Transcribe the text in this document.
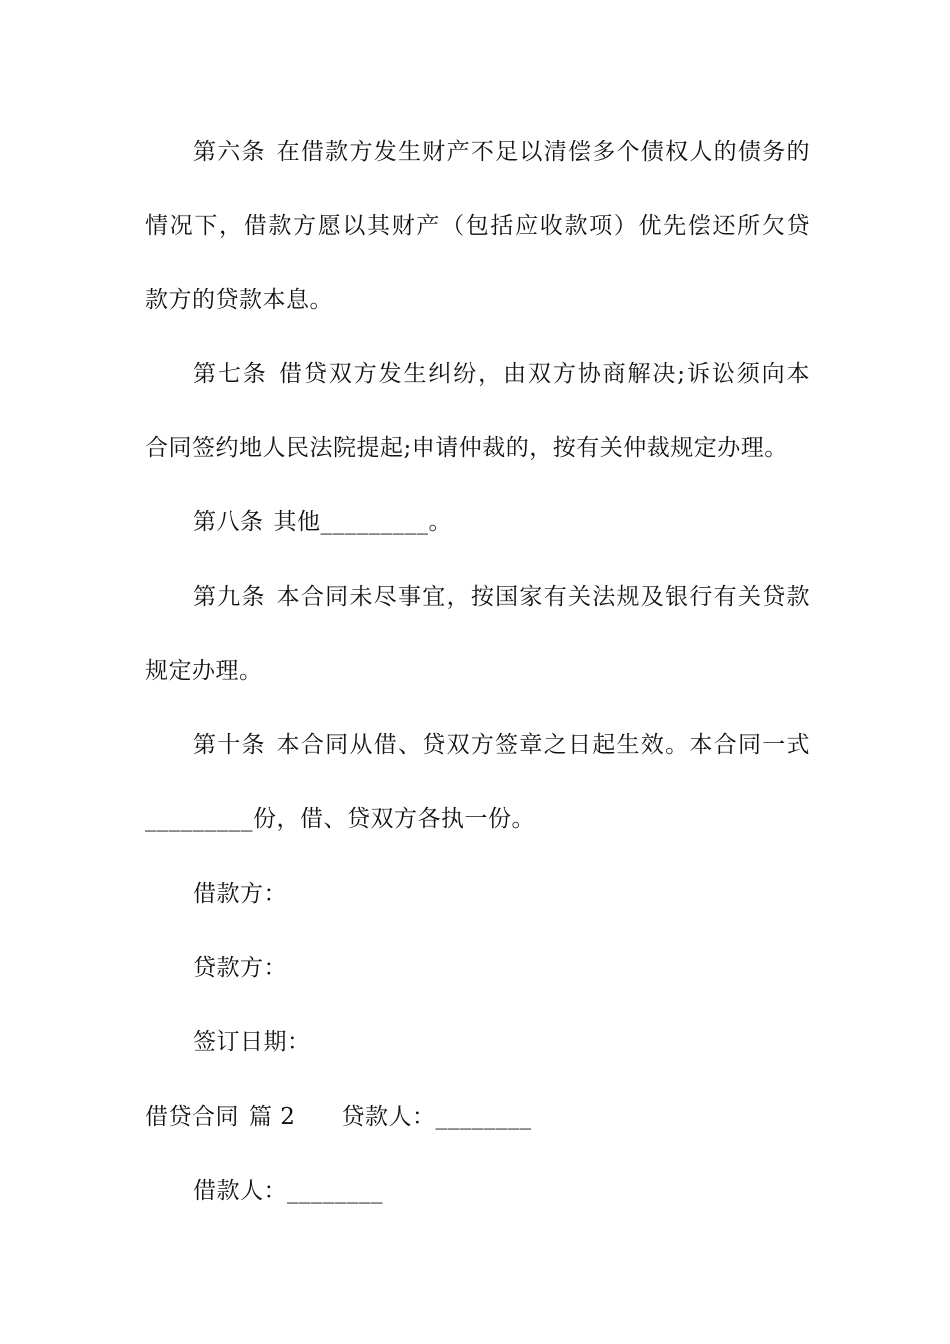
第六条 在借款方发生财产不足以清偿多个债权人的债务的
情况下，借款方愿以其财产（包括应收款项）优先偿还所欠贷
款方的贷款本息。
第七条 借贷双方发生纠纷，由双方协商解决;诉讼须向本
合同签约地人民法院提起;申请仲裁的，按有关仲裁规定办理。
第八条 其他_________。
第九条 本合同未尽事宜，按国家有关法规及银行有关贷款
规定办理。
第十条 本合同从借、贷双方签章之日起生效。本合同一式
_________份，借、贷双方各执一份。
借款方：
贷款方：
签订日期：
借贷合同 篇 2 贷款人：________
借款人：________
